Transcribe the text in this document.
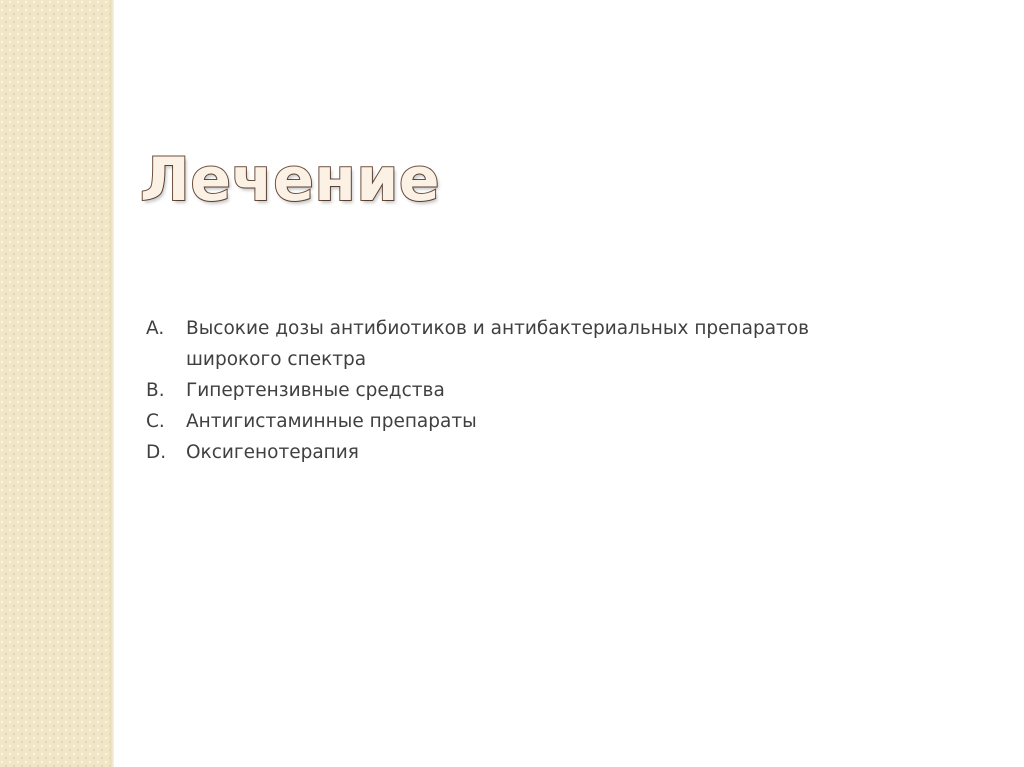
Лечение
A.	Высокие дозы антибиотиков и антибактериальных препаратов широкого спектра
B.	Гипертензивные средства
C.	Антигистаминные препараты
D.	Оксигенотерапия
